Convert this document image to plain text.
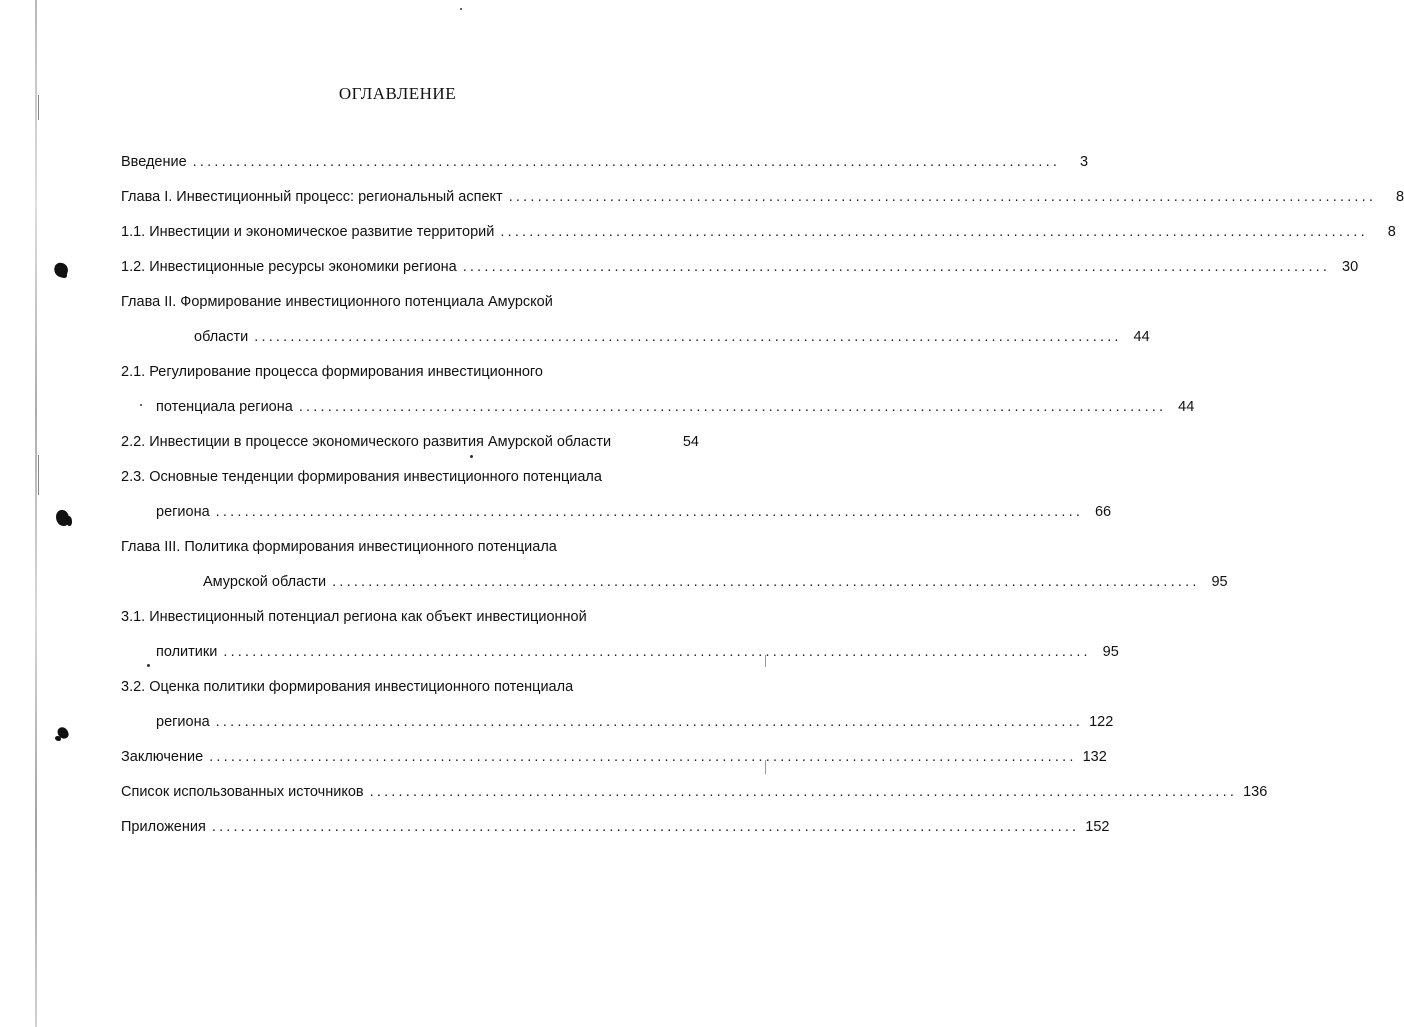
ОГЛАВЛЕНИЕ
Введение ........................................................................................................................	3
Глава I. Инвестиционный процесс: региональный аспект ........................................................................................................................	8
1.1. Инвестиции и экономическое развитие территорий ........................................................................................................................	8
1.2. Инвестиционные ресурсы экономики региона ........................................................................................................................ 30
Глава II. Формирование инвестиционного потенциала Амурской
области ........................................................................................................................ 44
2.1. Регулирование процесса формирования инвестиционного
потенциала региона ........................................................................................................................ 44
2.2. Инвестиции в процессе экономического развития Амурской области	54
2.3. Основные тенденции формирования инвестиционного потенциала
региона ........................................................................................................................ 66
Глава III. Политика формирования инвестиционного потенциала
Амурской области ........................................................................................................................ 95
3.1. Инвестиционный потенциал региона как объект инвестиционной
политики ........................................................................................................................ 95
3.2. Оценка политики формирования инвестиционного потенциала
региона ........................................................................................................................ 122
Заключение ........................................................................................................................ 132
Список использованных источников ........................................................................................................................ 136
Приложения ........................................................................................................................ 152
